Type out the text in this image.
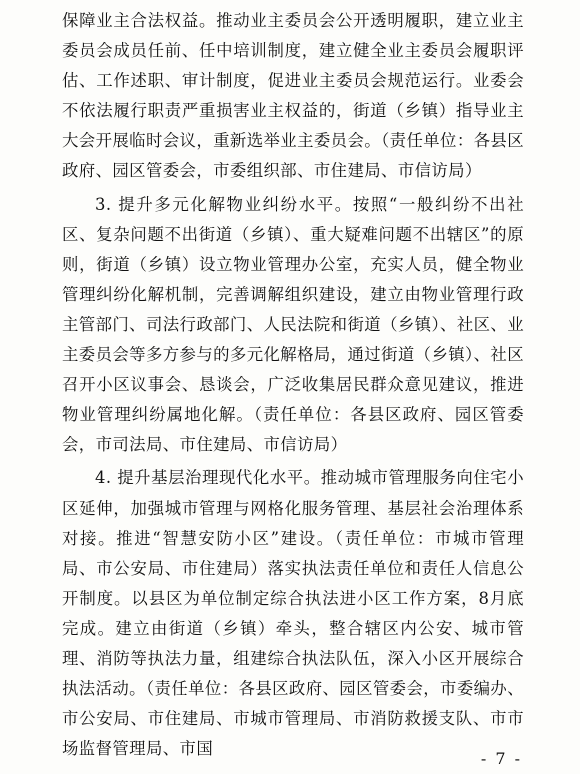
保障业主合法权益。推动业主委员会公开透明履职，建立业主委员会成员任前、任中培训制度，建立健全业主委员会履职评估、工作述职、审计制度，促进业主委员会规范运行。业委会不依法履行职责严重损害业主权益的，街道（乡镇）指导业主大会开展临时会议，重新选举业主委员会。（责任单位：各县区政府、园区管委会，市委组织部、市住建局、市信访局）

3. 提升多元化解物业纠纷水平。按照“一般纠纷不出社区、复杂问题不出街道（乡镇）、重大疑难问题不出辖区”的原则，街道（乡镇）设立物业管理办公室，充实人员，健全物业管理纠纷化解机制，完善调解组织建设，建立由物业管理行政主管部门、司法行政部门、人民法院和街道（乡镇）、社区、业主委员会等多方参与的多元化解格局，通过街道（乡镇）、社区召开小区议事会、恳谈会，广泛收集居民群众意见建议，推进物业管理纠纷属地化解。（责任单位：各县区政府、园区管委会，市司法局、市住建局、市信访局）

4. 提升基层治理现代化水平。推动城市管理服务向住宅小区延伸，加强城市管理与网格化服务管理、基层社会治理体系对接。推进“智慧安防小区”建设。（责任单位：市城市管理局、市公安局、市住建局）落实执法责任单位和责任人信息公开制度。以县区为单位制定综合执法进小区工作方案，8月底完成。建立由街道（乡镇）牵头，整合辖区内公安、城市管理、消防等执法力量，组建综合执法队伍，深入小区开展综合执法活动。（责任单位：各县区政府、园区管委会，市委编办、市公安局、市住建局、市城市管理局、市消防救援支队、市市场监督管理局、市国

- 7 -
